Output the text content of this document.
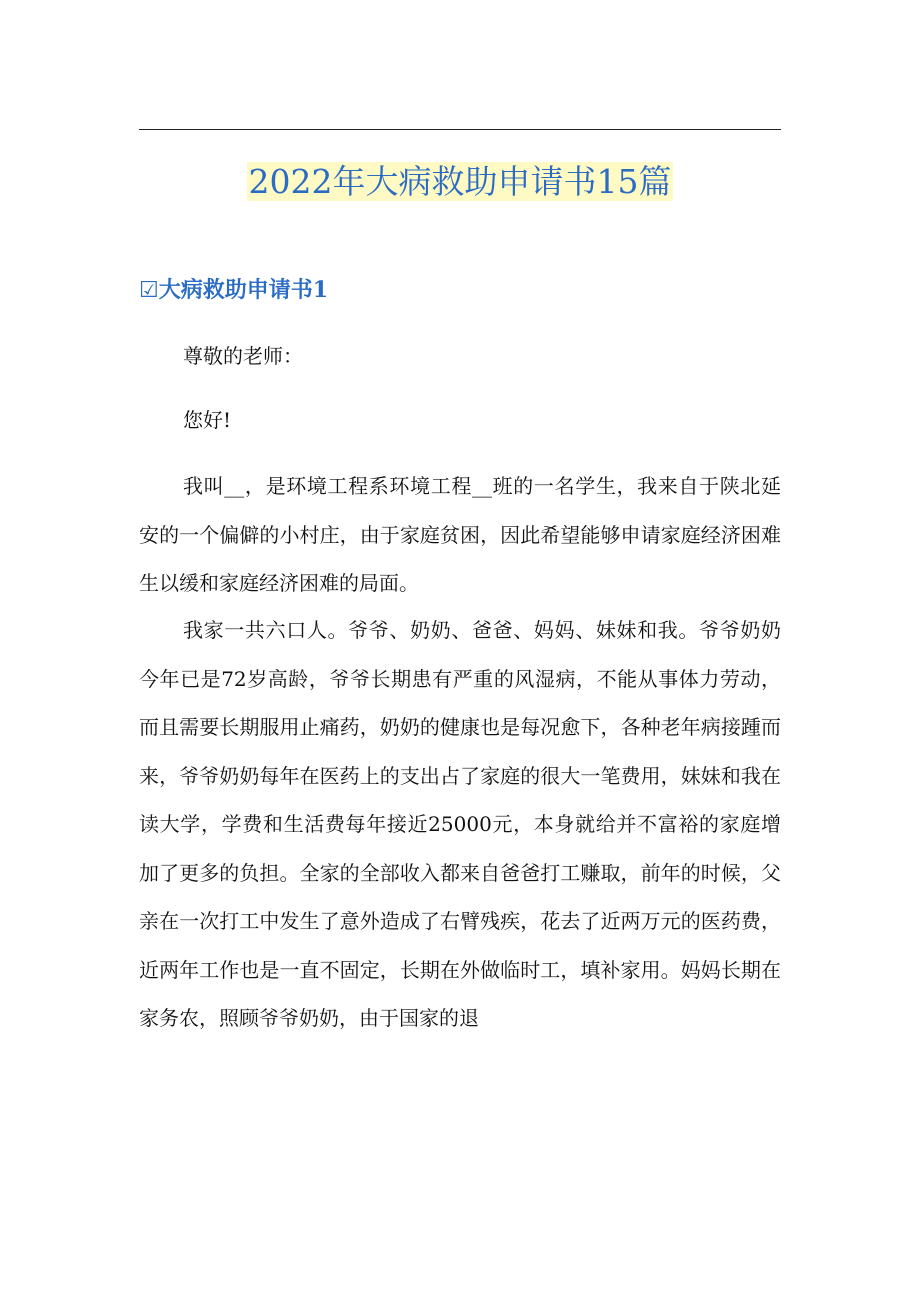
2022年大病救助申请书15篇
☑大病救助申请书1

尊敬的老师：

您好!

我叫__，是环境工程系环境工程__班的一名学生，我来自于陕北延安的一个偏僻的小村庄，由于家庭贫困，因此希望能够申请家庭经济困难生以缓和家庭经济困难的局面。

我家一共六口人。爷爷、奶奶、爸爸、妈妈、妹妹和我。爷爷奶奶今年已是72岁高龄，爷爷长期患有严重的风湿病，不能从事体力劳动，而且需要长期服用止痛药，奶奶的健康也是每况愈下，各种老年病接踵而来，爷爷奶奶每年在医药上的支出占了家庭的很大一笔费用，妹妹和我在读大学，学费和生活费每年接近25000元，本身就给并不富裕的家庭增加了更多的负担。全家的全部收入都来自爸爸打工赚取，前年的时候，父亲在一次打工中发生了意外造成了右臂残疾，花去了近两万元的医药费，近两年工作也是一直不固定，长期在外做临时工，填补家用。妈妈长期在家务农，照顾爷爷奶奶，由于国家的退
